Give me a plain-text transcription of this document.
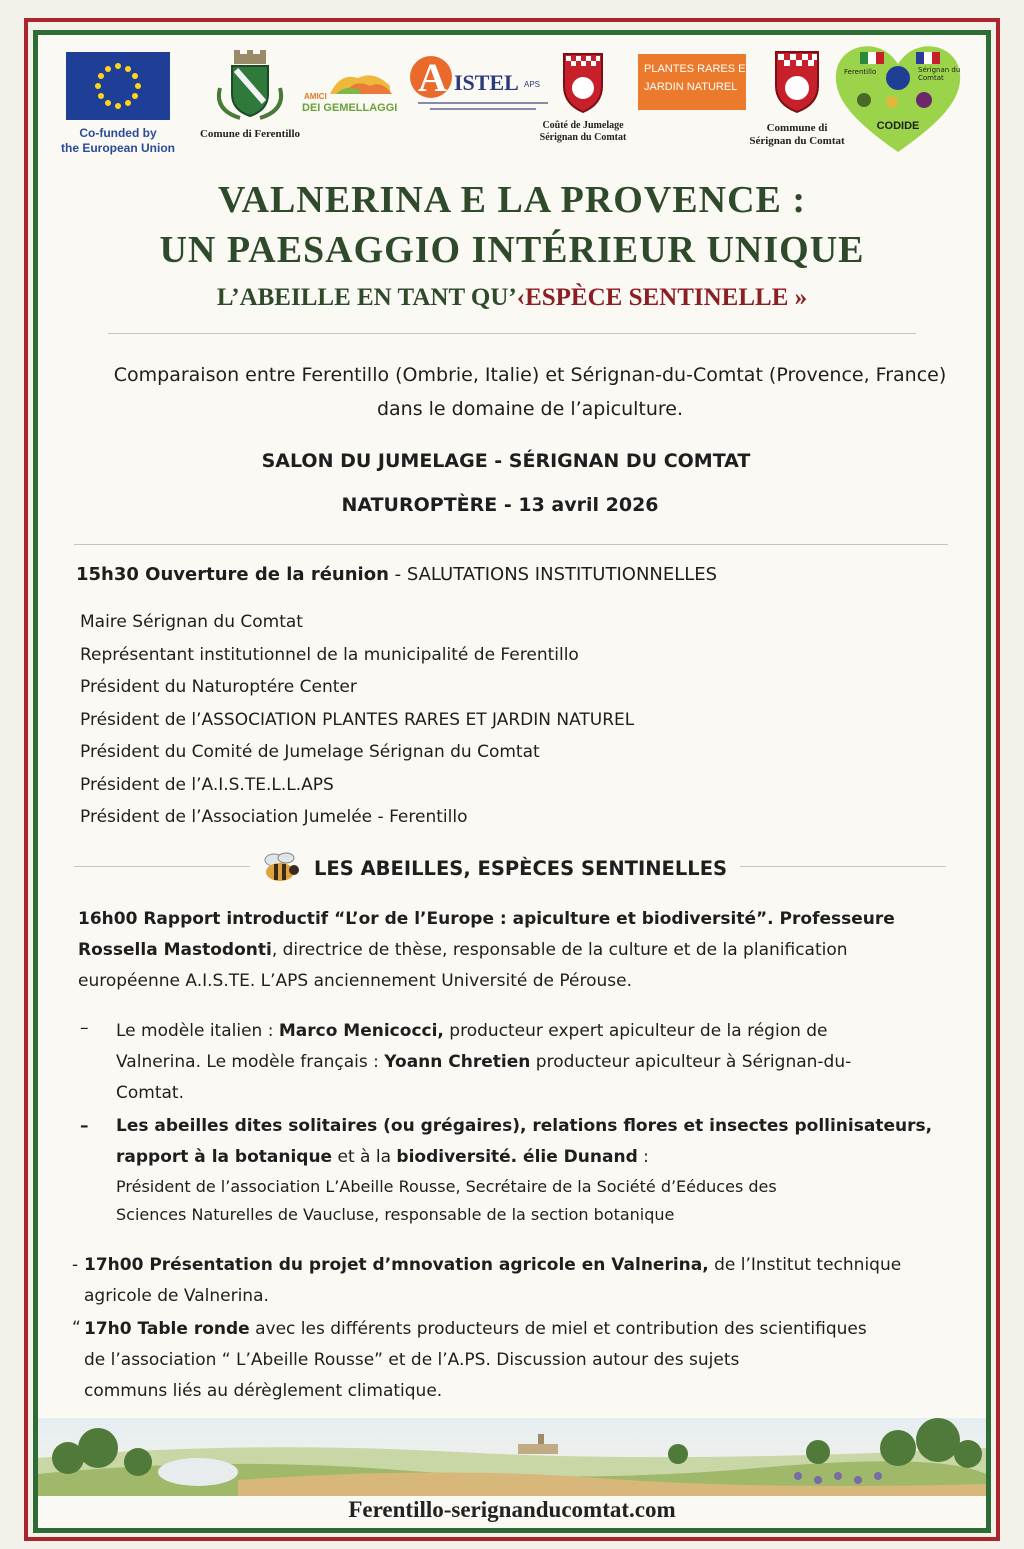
Co-funded by
the European Union
Comune di Ferentillo
AMICI
DEI GEMELLAGGI
A ISTEL APS
Coûté de Jumelage
Sérignan du Comtat
PLANTES RARES ET
JARDIN NATUREL
Commune di
Sérignan du Comtat
Ferentillo	Sérignan du Comtat
CODIDE
VALNERINA E LA PROVENCE :
UN PAESAGGIO INTÉRIEUR UNIQUE
L’ABEILLE EN TANT QU’‹ESPÈCE SENTINELLE »
Comparaison entre Ferentillo (Ombrie, Italie) et Sérignan-du-Comtat (Provence, France)
dans le domaine de l’apiculture.
SALON DU JUMELAGE - SÉRIGNAN DU COMTAT
NATUROPTÈRE - 13 avril 2026
15h30 Ouverture de la réunion - SALUTATIONS INSTITUTIONNELLES
Maire Sérignan du Comtat
Représentant institutionnel de la municipalité de Ferentillo
Président du Naturoptére Center
Président de l’ASSOCIATION PLANTES RARES ET JARDIN NATUREL
Président du Comité de Jumelage Sérignan du Comtat
Président de l’A.I.S.TE.L.L.APS
Président de l’Association Jumelée - Ferentillo
LES ABEILLES, ESPÈCES SENTINELLES
16h00 Rapport introductif “L’or de l’Europe : apiculture et biodiversité”. Professeure
Rossella Mastodonti, directrice de thèse, responsable de la culture et de la planification
européenne A.I.S.TE. L’APS anciennement Université de Pérouse.
– Le modèle italien : Marco Menicocci, producteur expert apiculteur de la région de
Valnerina. Le modèle français : Yoann Chretien producteur apiculteur à Sérignan-du-
Comtat.
– Les abeilles dites solitaires (ou grégaires), relations flores et insectes pollinisateurs,
rapport à la botanique et à la biodiversité. élie Dunand :
Président de l’association L’Abeille Rousse, Secrétaire de la Société d’Eéduces des
Sciences Naturelles de Vaucluse, responsable de la section botanique
- 17h00 Présentation du projet d’mnovation agricole en Valnerina, de l’Institut technique
agricole de Valnerina.
“ 17h0 Table ronde avec les différents producteurs de miel et contribution des scientifiques
de l’association “ L’Abeille Rousse” et de l’A.PS. Discussion autour des sujets
communs liés au dérèglement climatique.
Ferentillo-serignanducomtat.com
